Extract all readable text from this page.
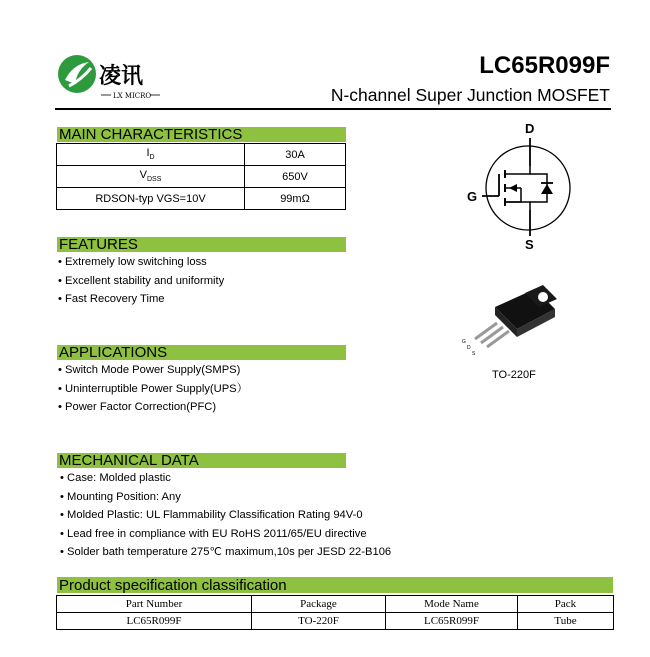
凌讯
LX MICRO
LC65R099F
N-channel Super Junction MOSFET
MAIN CHARACTERISTICS
$I_D$	30A
$V_{DSS}$	650V
RDSON-typ VGS=10V	99mΩ
FEATURES
• Extremely low switching loss
• Excellent stability and uniformity
• Fast Recovery Time
APPLICATIONS
• Switch Mode Power Supply(SMPS)
• Uninterruptible Power Supply(UPS）
• Power Factor Correction(PFC)
MECHANICAL DATA
• Case: Molded plastic
• Mounting Position: Any
• Molded Plastic: UL Flammability Classification Rating 94V-0
• Lead free in compliance with EU RoHS 2011/65/EU directive
• Solder bath temperature 275℃ maximum,10s per JESD 22-B106
D
G
S
G
D
S
TO-220F
Product specification classification
Part Number	Package	Mode Name	Pack
LC65R099F	TO-220F	LC65R099F	Tube
